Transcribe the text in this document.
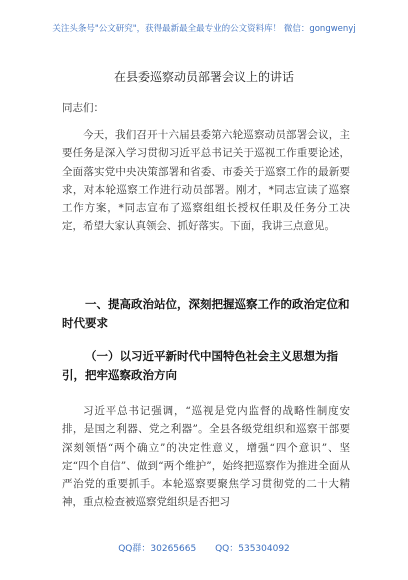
关注头条号"公文研究"，获得最新最全最专业的公文资料库！ 微信：gongwenyj
在县委巡察动员部署会议上的讲话
同志们：
今天，我们召开十六届县委第六轮巡察动员部署会议，主要任务是深入学习贯彻习近平总书记关于巡视工作重要论述，全面落实党中央决策部署和省委、市委关于巡察工作的最新要求，对本轮巡察工作进行动员部署。刚才，*同志宣读了巡察工作方案，*同志宣布了巡察组组长授权任职及任务分工决定，希望大家认真领会、抓好落实。下面，我讲三点意见。
一、提高政治站位，深刻把握巡察工作的政治定位和时代要求
（一）以习近平新时代中国特色社会主义思想为指引，把牢巡察政治方向
习近平总书记强调，“巡视是党内监督的战略性制度安排，是国之利器、党之利器”。全县各级党组织和巡察干部要深刻领悟“两个确立”的决定性意义，增强“四个意识”、坚定“四个自信”、做到“两个维护”，始终把巡察作为推进全面从严治党的重要抓手。本轮巡察要聚焦学习贯彻党的二十大精神，重点检查被巡察党组织是否把习
QQ群：30265665 QQ：535304092
